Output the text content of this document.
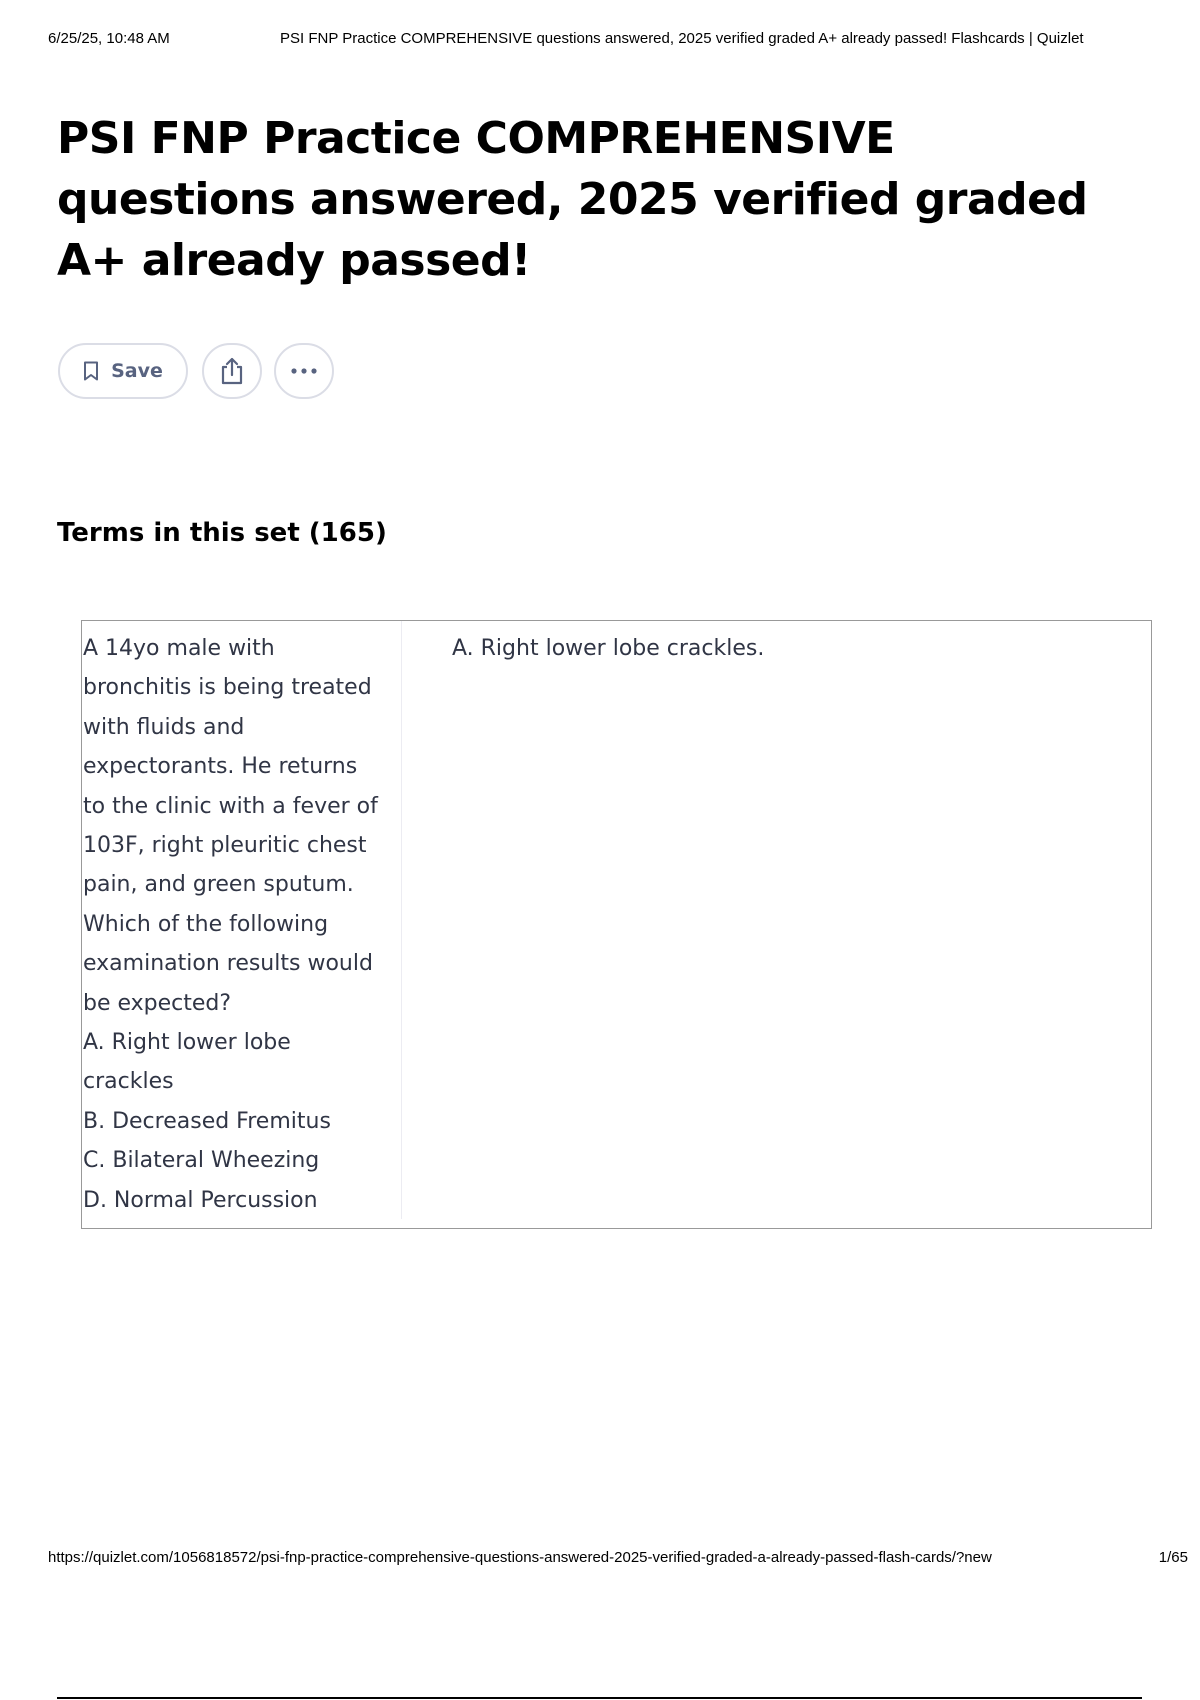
6/25/25, 10:48 AM	PSI FNP Practice COMPREHENSIVE questions answered, 2025 verified graded A+ already passed! Flashcards | Quizlet
PSI FNP Practice COMPREHENSIVE questions answered, 2025 verified graded A+ already passed!
Save
Terms in this set (165)

A 14yo male with

bronchitis is being treated

with fluids and

expectorants. He returns

to the clinic with a fever of

103F, right pleuritic chest

pain, and green sputum.

Which of the following

examination results would

be expected?

A. Right lower lobe

crackles

B. Decreased Fremitus

C. Bilateral Wheezing

D. Normal Percussion

A. Right lower lobe crackles.
https://quizlet.com/1056818572/psi-fnp-practice-comprehensive-questions-answered-2025-verified-graded-a-already-passed-flash-cards/?new	1/65
